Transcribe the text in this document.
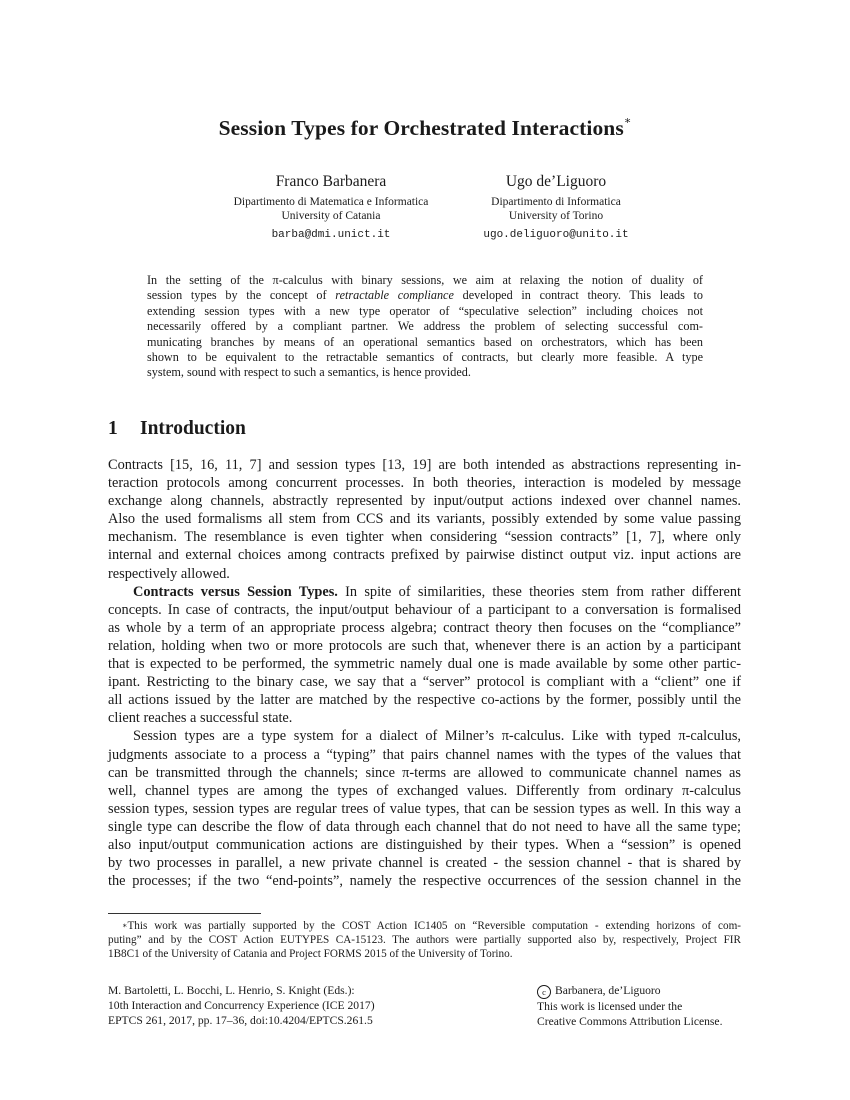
Session Types for Orchestrated Interactions∗
Franco Barbanera
Dipartimento di Matematica e Informatica
University of Catania
barba@dmi.unict.it
Ugo de’Liguoro
Dipartimento di Informatica
University of Torino
ugo.deliguoro@unito.it
In the setting of the π-calculus with binary sessions, we aim at relaxing the notion of duality of
session types by the concept of retractable compliance developed in contract theory. This leads to
extending session types with a new type operator of “speculative selection” including choices not
necessarily offered by a compliant partner. We address the problem of selecting successful com-
municating branches by means of an operational semantics based on orchestrators, which has been
shown to be equivalent to the retractable semantics of contracts, but clearly more feasible. A type
system, sound with respect to such a semantics, is hence provided.
1 Introduction
Contracts [15, 16, 11, 7] and session types [13, 19] are both intended as abstractions representing in-
teraction protocols among concurrent processes. In both theories, interaction is modeled by message
exchange along channels, abstractly represented by input/output actions indexed over channel names.
Also the used formalisms all stem from CCS and its variants, possibly extended by some value passing
mechanism. The resemblance is even tighter when considering “session contracts” [1, 7], where only
internal and external choices among contracts prefixed by pairwise distinct output viz. input actions are
respectively allowed.
Contracts versus Session Types. In spite of similarities, these theories stem from rather different
concepts. In case of contracts, the input/output behaviour of a participant to a conversation is formalised
as whole by a term of an appropriate process algebra; contract theory then focuses on the “compliance”
relation, holding when two or more protocols are such that, whenever there is an action by a participant
that is expected to be performed, the symmetric namely dual one is made available by some other partic-
ipant. Restricting to the binary case, we say that a “server” protocol is compliant with a “client” one if
all actions issued by the latter are matched by the respective co-actions by the former, possibly until the
client reaches a successful state.
Session types are a type system for a dialect of Milner’s π-calculus. Like with typed π-calculus,
judgments associate to a process a “typing” that pairs channel names with the types of the values that
can be transmitted through the channels; since π-terms are allowed to communicate channel names as
well, channel types are among the types of exchanged values. Differently from ordinary π-calculus
session types, session types are regular trees of value types, that can be session types as well. In this way a
single type can describe the flow of data through each channel that do not need to have all the same type;
also input/output communication actions are distinguished by their types. When a “session” is opened
by two processes in parallel, a new private channel is created - the session channel - that is shared by
the processes; if the two “end-points”, namely the respective occurrences of the session channel in the
∗This work was partially supported by the COST Action IC1405 on “Reversible computation - extending horizons of com-
puting” and by the COST Action EUTYPES CA-15123. The authors were partially supported also by, respectively, Project FIR
1B8C1 of the University of Catania and Project FORMS 2015 of the University of Torino.
M. Bartoletti, L. Bocchi, L. Henrio, S. Knight (Eds.):
10th Interaction and Concurrency Experience (ICE 2017)
EPTCS 261, 2017, pp. 17–36, doi:10.4204/EPTCS.261.5
c Barbanera, de’Liguoro
This work is licensed under the
Creative Commons Attribution License.
